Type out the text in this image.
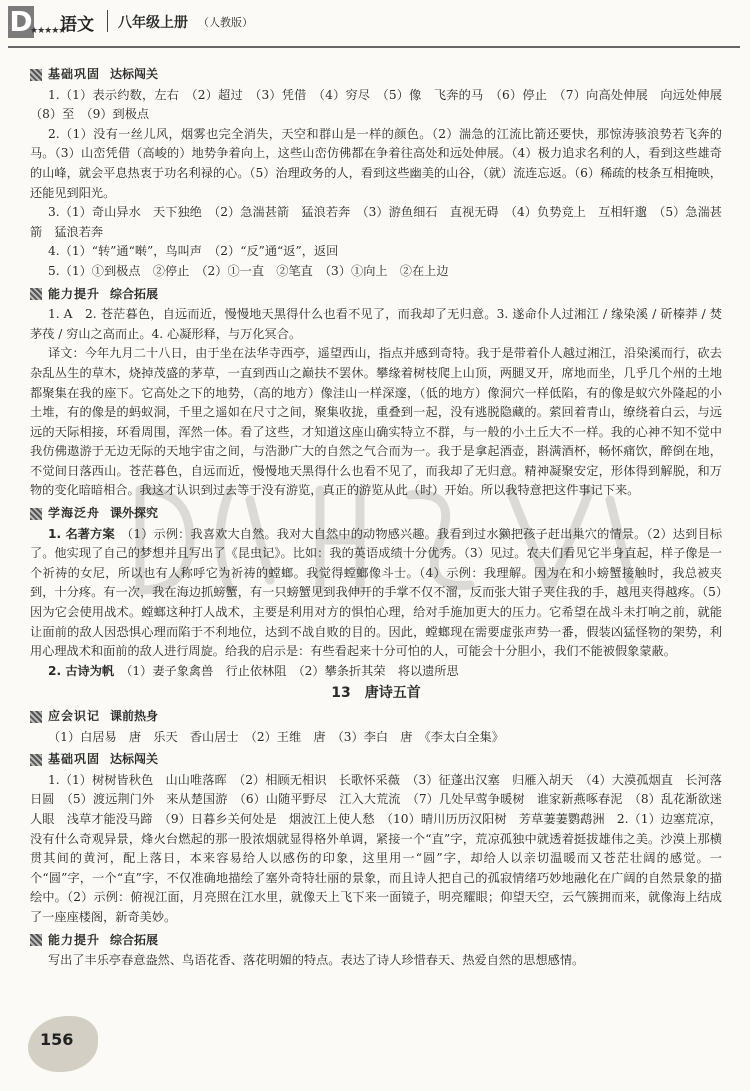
D
★★★★★
语文 八年级上册 （人教版）
基础巩固 达标闯关

1.（1）表示约数，左右　（2）超过　（3）凭借　（4）穷尽　（5）像　飞奔的马　（6）停止　（7）向高处伸展　向远处伸展　（8）至　（9）到极点

2.（1）没有一丝儿风，烟雾也完全消失，天空和群山是一样的颜色。（2）湍急的江流比箭还要快，那惊涛骇浪势若飞奔的马。（3）山峦凭借（高峻的）地势争着向上，这些山峦仿佛都在争着往高处和远处伸展。（4）极力追求名利的人，看到这些雄奇的山峰，就会平息热衷于功名利禄的心。（5）治理政务的人，看到这些幽美的山谷，（就）流连忘返。（6）稀疏的枝条互相掩映，还能见到阳光。

3.（1）奇山异水　天下独绝　（2）急湍甚箭　猛浪若奔　（3）游鱼细石　直视无碍　（4）负势竞上　互相轩邈　（5）急湍甚箭　猛浪若奔

4.（1）“转”通“啭”，鸟叫声　（2）“反”通“返”，返回

5.（1）①到极点　②停止　（2）①一直　②笔直　（3）①向上　②在上边

能力提升 综合拓展

1. A　2. 苍茫暮色，自远而近，慢慢地天黑得什么也看不见了，而我却了无归意。3. 遂命仆人过湘江 / 缘染溪 / 斫榛莽 / 焚茅茷 / 穷山之高而止。4. 心凝形释，与万化冥合。

译文：今年九月二十八日，由于坐在法华寺西亭，遥望西山，指点并感到奇特。我于是带着仆人越过湘江，沿染溪而行，砍去杂乱丛生的草木，烧掉茂盛的茅草，一直到西山之巅扶不罢休。攀缘着树枝爬上山顶，两腿叉开，席地而坐，几乎几个州的土地都聚集在我的座下。它高处之下的地势，（高的地方）像洼山一样深邃，（低的地方）像洞穴一样低陷，有的像是蚁穴外隆起的小土堆，有的像是的蚂蚁洞，千里之遥如在尺寸之间，聚集收拢，重叠到一起，没有逃脱隐藏的。萦回着青山，缭绕着白云，与远远的天际相接，环看周围，浑然一体。看了这些，才知道这座山确实特立不群，与一般的小土丘大不一样。我的心神不知不觉中我仿佛遨游于无边无际的天地宇宙之间，与浩渺广大的自然之气合而为一。我于是拿起酒壶，斟满酒杯，畅怀痛饮，醉倒在地，不觉间日落西山。苍茫暮色，自远而近，慢慢地天黑得什么也看不见了，而我却了无归意。精神凝聚安定，形体得到解脱，和万物的变化暗暗相合。我这才认识到过去等于没有游览，真正的游览从此（时）开始。所以我特意把这件事记下来。

学海泛舟 课外探究

1. 名著方案　 （1）示例：我喜欢大自然。我对大自然中的动物感兴趣。我看到过水獭把孩子赶出巢穴的情景。（2）达到目标了。他实现了自己的梦想并且写出了《昆虫记》。比如：我的英语成绩十分优秀。（3）见过。农夫们看见它半身直起，样子像是一个祈祷的女尼，所以也有人称呼它为祈祷的螳螂。我觉得螳螂像斗士。（4）示例：我理解。因为在和小螃蟹接触时，我总被夹到，十分疼。有一次，我在海边抓螃蟹，有一只螃蟹见到我伸开的手掌不仅不溜，反而张大钳子夹住我的手，越甩夹得越疼。（5）因为它会使用战术。螳螂这种打人战术，主要是利用对方的惧怕心理，给对手施加更大的压力。它希望在战斗未打响之前，就能让面前的敌人因恐惧心理而陷于不利地位，达到不战自败的目的。因此，螳螂现在需要虚张声势一番，假装凶猛怪物的架势，利用心理战术和面前的敌人进行周旋。给我的启示是：有些看起来十分可怕的人，可能会十分胆小，我们不能被假象蒙蔽。

2. 古诗为帆　 （1）妻子象禽兽　行止依林阻　（2）攀条折其荣　将以遗所思

13　 唐诗五首
应会识记 课前热身

（1）白居易　唐　乐天　香山居士　（2）王维　唐　（3）李白　唐　《李太白全集》

基础巩固 达标闯关

1.（1）树树皆秋色　山山唯落晖　（2）相顾无相识　长歌怀采薇　（3）征蓬出汉塞　归雁入胡天　（4）大漠孤烟直　长河落日圆　（5）渡远荆门外　来从楚国游　（6）山随平野尽　江入大荒流　（7）几处早莺争暖树　谁家新燕啄春泥　（8）乱花渐欲迷人眼　浅草才能没马蹄　（9）日暮乡关何处是　烟波江上使人愁　（10）晴川历历汉阳树　芳草萋萋鹦鹉洲　2.（1）边塞荒凉，没有什么奇观异景，烽火台燃起的那一股浓烟就显得格外单调，紧接一个“直”字，荒凉孤独中就透着挺拔雄伟之美。沙漠上那横贯其间的黄河，配上落日，本来容易给人以感伤的印象，这里用一“圆”字，却给人以亲切温暖而又苍茫壮阔的感觉。一个“圆”字，一个“直”字，不仅准确地描绘了塞外奇特壮丽的景象，而且诗人把自己的孤寂情绪巧妙地融化在广阔的自然景象的描绘中。（2）示例：俯视江面，月亮照在江水里，就像天上飞下来一面镜子，明亮耀眼；仰望天空，云气簇拥而来，就像海上结成了一座座楼阁，新奇美妙。

能力提升 综合拓展

写出了丰乐亭春意盎然、鸟语花香、落花明媚的特点。表达了诗人珍惜春天、热爱自然的思想感情。

156
